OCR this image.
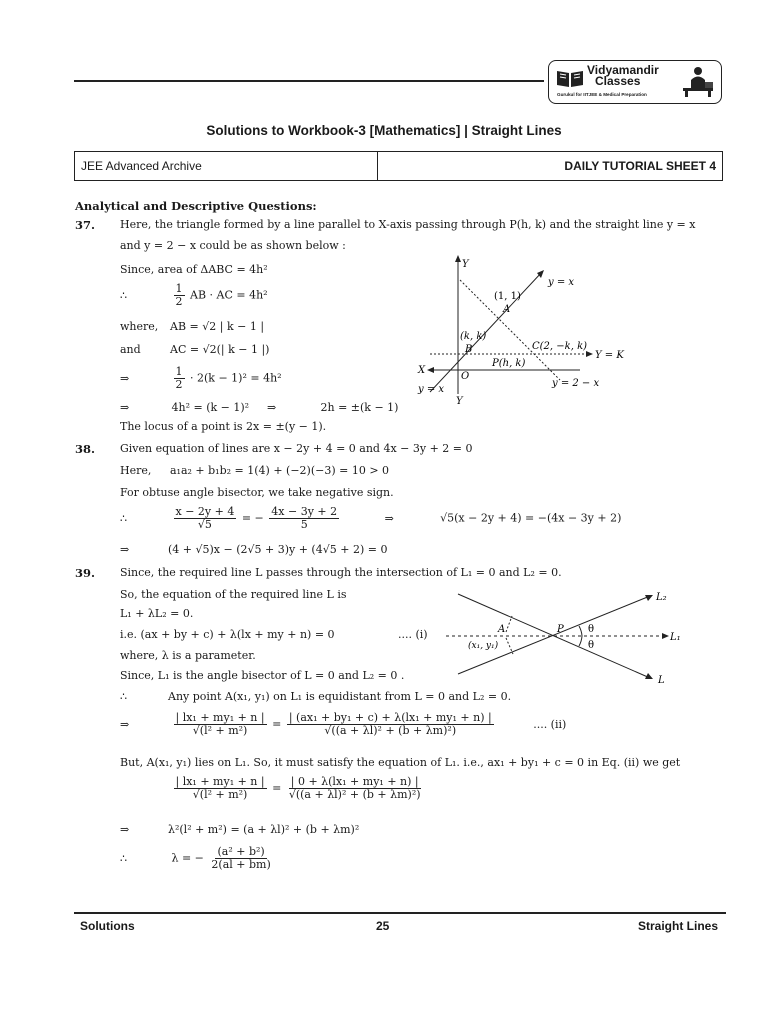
Vidyamandir
Classes
Gurukul for IITJEE & Medical Preparation
Solutions to Workbook-3 [Mathematics] | Straight Lines
JEE Advanced Archive	DAILY TUTORIAL SHEET 4
Analytical and Descriptive Questions:
37. Here, the triangle formed by a line parallel to X-axis passing through P(h, k) and the straight line y = x
and y = 2 − x could be as shown below :
Since, area of ΔABC = 4h²
∴	$\frac{1}{2}$ AB · AC = 4h²
where, AB = √2 | k − 1 |
and	AC = √2(| k − 1 |)
⇒	$\frac{1}{2} \cdot 2(k - 1)^2 = 4h^2$
⇒	4h² = (k − 1)² ⇒	2h = ±(k − 1)
The locus of a point is 2x = ±(y − 1).
Y
Y
X
O
y = x
y = x
y = 2 − x
Y = K
(1, 1)
A
(k, k)
B	C(2, −k, k)
P(h, k)
38. Given equation of lines are x − 2y + 4 = 0 and 4x − 3y + 2 = 0
Here, a₁a₂ + b₁b₂ = 1(4) + (−2)(−3) = 10 > 0
For obtuse angle bisector, we take negative sign.
∴	$\frac{x - 2y + 4}{√5}$ = − $\frac{4x - 3y + 2}{5}$	⇒	√5(x − 2y + 4) = −(4x − 3y + 2)
⇒	(4 + √5)x − (2√5 + 3)y + (4√5 + 2) = 0
39. Since, the required line L passes through the intersection of L₁ = 0 and L₂ = 0.
So, the equation of the required line L is
L₁ + λL₂ = 0.
i.e. (ax + by + c) + λ(lx + my + n) = 0	.... (i)
where, λ is a parameter.
Since, L₁ is the angle bisector of L = 0 and L₂ = 0 .
∴	Any point A(x₁, y₁) on L₁ is equidistant from L = 0 and L₂ = 0.
⇒	$\frac{\text{| lx₁ + my₁ + n |}}{\text{√(l² + m²)}} = \frac{\text{| (ax₁ + by₁ + c) + λ(lx₁ + my₁ + n) |}}{\text{√((a + λl)² + (b + λm)²)}}$	.... (ii)
But, A(x₁, y₁) lies on L₁. So, it must satisfy the equation of L₁. i.e., ax₁ + by₁ + c = 0 in Eq. (ii) we get

$\frac{\text{| lx₁ + my₁ + n |}}{\text{√(l² + m²)}} = \frac{\text{| 0 + λ(lx₁ + my₁ + n) |}}{\text{√((a + λl)² + (b + λm)²)}}$
⇒	λ²(l² + m²) = (a + λl)² + (b + λm)²
∴	λ = − $\frac{\text{(a² + b²)}}{2(al + bm)}$
L₂
L₁
L
P
A
(x₁, y₁)
θ
θ
Solutions	25	Straight Lines
